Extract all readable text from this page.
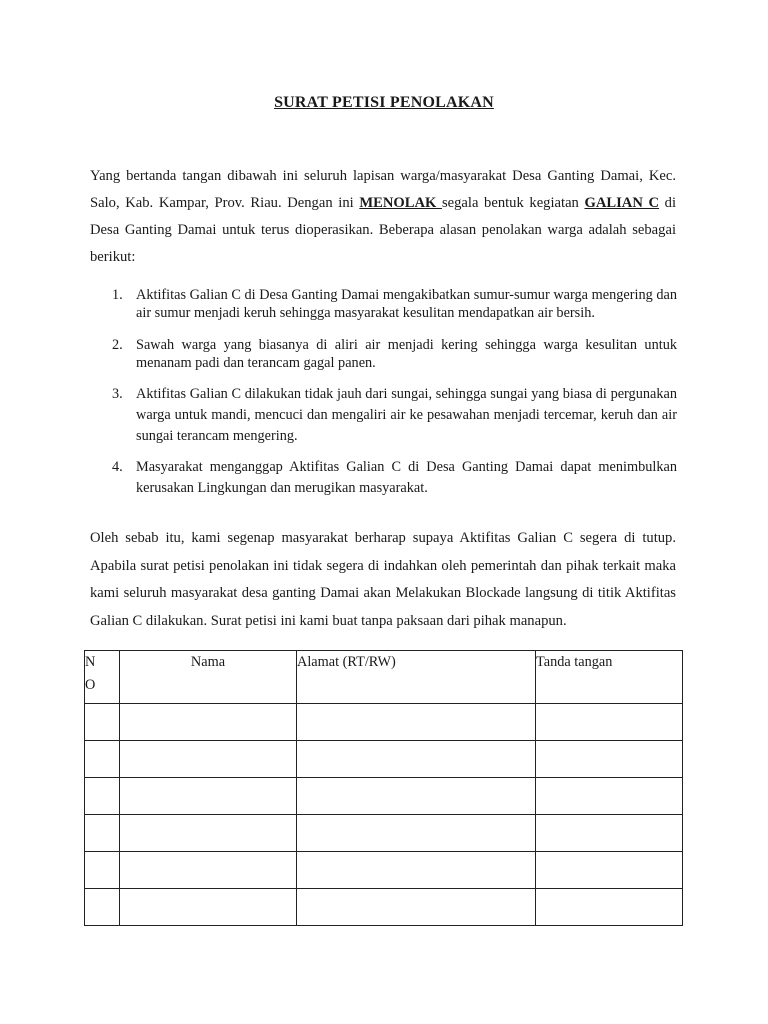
SURAT PETISI PENOLAKAN

Yang bertanda tangan dibawah ini seluruh lapisan warga/masyarakat Desa Ganting Damai, Kec. Salo, Kab. Kampar, Prov. Riau. Dengan ini MENOLAK segala bentuk kegiatan GALIAN C di Desa Ganting Damai untuk terus dioperasikan. Beberapa alasan penolakan warga adalah sebagai berikut:

1. Aktifitas Galian C di Desa Ganting Damai mengakibatkan sumur-sumur warga mengering dan air sumur menjadi keruh sehingga masyarakat kesulitan mendapatkan air bersih.
2. Sawah warga yang biasanya di aliri air menjadi kering sehingga warga kesulitan untuk menanam padi dan terancam gagal panen.
3. Aktifitas Galian C dilakukan tidak jauh dari sungai, sehingga sungai yang biasa di pergunakan warga untuk mandi, mencuci dan mengaliri air ke pesawahan menjadi tercemar, keruh dan air sungai terancam mengering.
4. Masyarakat menganggap Aktifitas Galian C di Desa Ganting Damai dapat menimbulkan kerusakan Lingkungan dan merugikan masyarakat.

Oleh sebab itu, kami segenap masyarakat berharap supaya Aktifitas Galian C segera di tutup. Apabila surat petisi penolakan ini tidak segera di indahkan oleh pemerintah dan pihak terkait maka kami seluruh masyarakat desa ganting Damai akan Melakukan Blockade langsung di titik Aktifitas Galian C dilakukan. Surat petisi ini kami buat tanpa paksaan dari pihak manapun.

NO	Nama	Alamat (RT/RW)	Tanda tangan
